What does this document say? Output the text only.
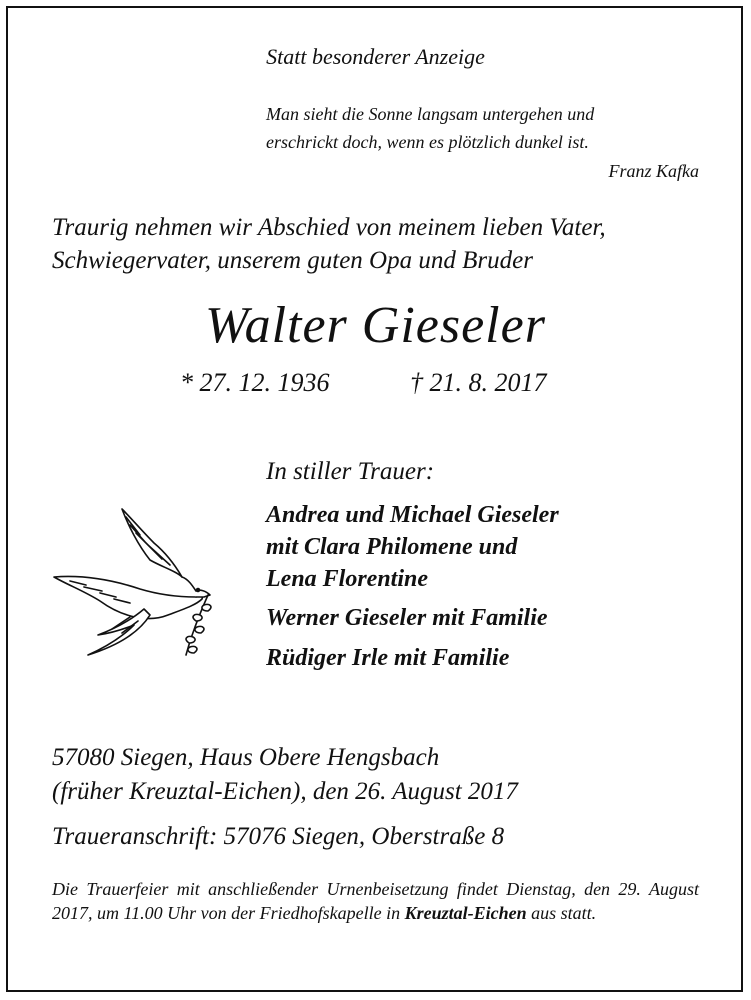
Statt besonderer Anzeige
Man sieht die Sonne langsam untergehen und
erschrickt doch, wenn es plötzlich dunkel ist.
Franz Kafka
Traurig nehmen wir Abschied von meinem lieben Vater,
Schwiegervater, unserem guten Opa und Bruder
Walter Gieseler
* 27. 12. 1936	† 21. 8. 2017
In stiller Trauer:
Andrea und Michael Gieseler
mit Clara Philomene und
Lena Florentine
Werner Gieseler mit Familie
Rüdiger Irle mit Familie
57080 Siegen, Haus Obere Hengsbach
(früher Kreuztal-Eichen), den 26. August 2017
Traueranschrift: 57076 Siegen, Oberstraße 8
Die Trauerfeier mit anschließender Urnenbeisetzung findet Dienstag, den 29. August 2017, um 11.00 Uhr von der Friedhofskapelle in Kreuztal-Eichen aus statt.
